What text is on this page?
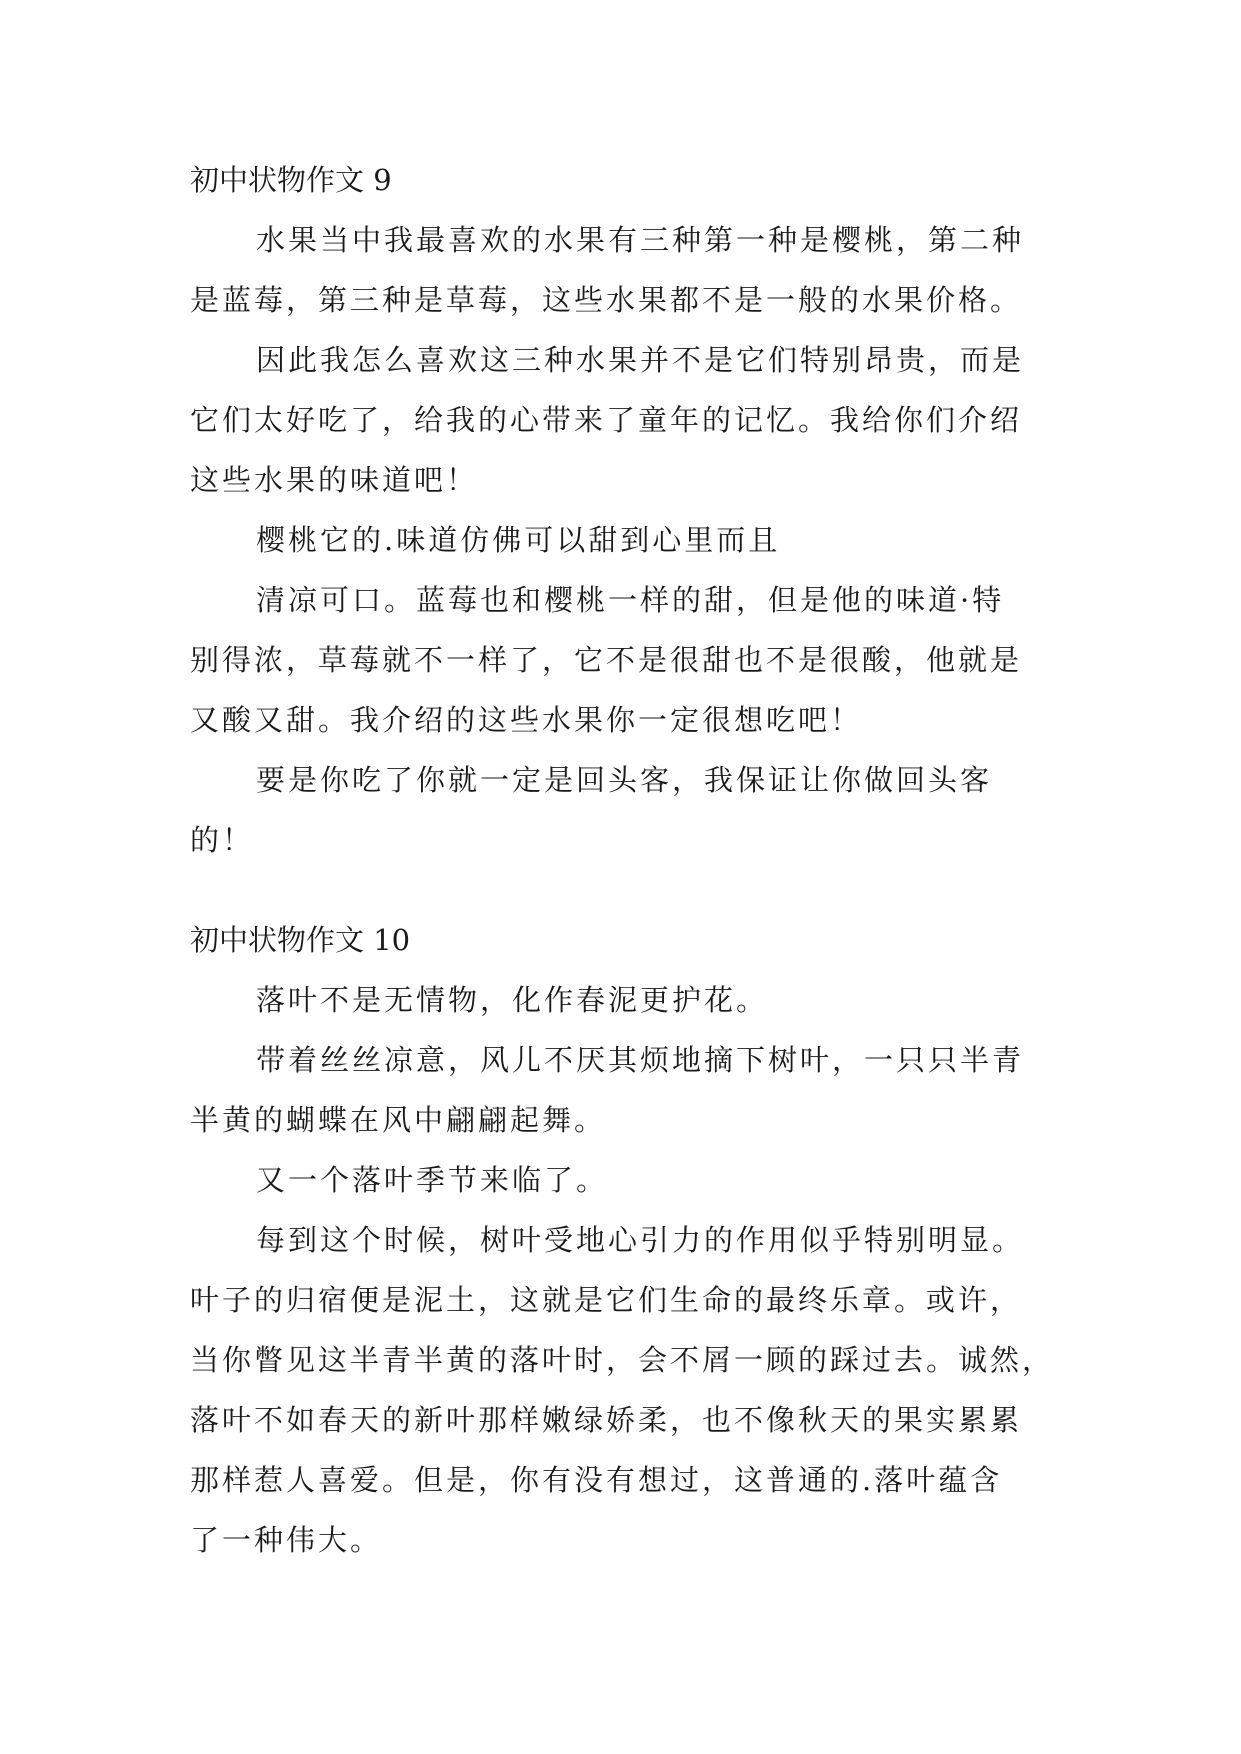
初中状物作文 9
水果当中我最喜欢的水果有三种第一种是樱桃，第二种
是蓝莓，第三种是草莓，这些水果都不是一般的水果价格。
因此我怎么喜欢这三种水果并不是它们特别昂贵，而是
它们太好吃了，给我的心带来了童年的记忆。我给你们介绍
这些水果的味道吧！
樱桃它的.味道仿佛可以甜到心里而且
清凉可口。蓝莓也和樱桃一样的甜，但是他的味道·特
别得浓，草莓就不一样了，它不是很甜也不是很酸，他就是
又酸又甜。我介绍的这些水果你一定很想吃吧！
要是你吃了你就一定是回头客，我保证让你做回头客
的！
初中状物作文 10
落叶不是无情物，化作春泥更护花。
带着丝丝凉意，风儿不厌其烦地摘下树叶，一只只半青
半黄的蝴蝶在风中翩翩起舞。
又一个落叶季节来临了。
每到这个时候，树叶受地心引力的作用似乎特别明显。
叶子的归宿便是泥土，这就是它们生命的最终乐章。或许，
当你瞥见这半青半黄的落叶时，会不屑一顾的踩过去。诚然，
落叶不如春天的新叶那样嫩绿娇柔，也不像秋天的果实累累
那样惹人喜爱。但是，你有没有想过，这普通的.落叶蕴含
了一种伟大。
